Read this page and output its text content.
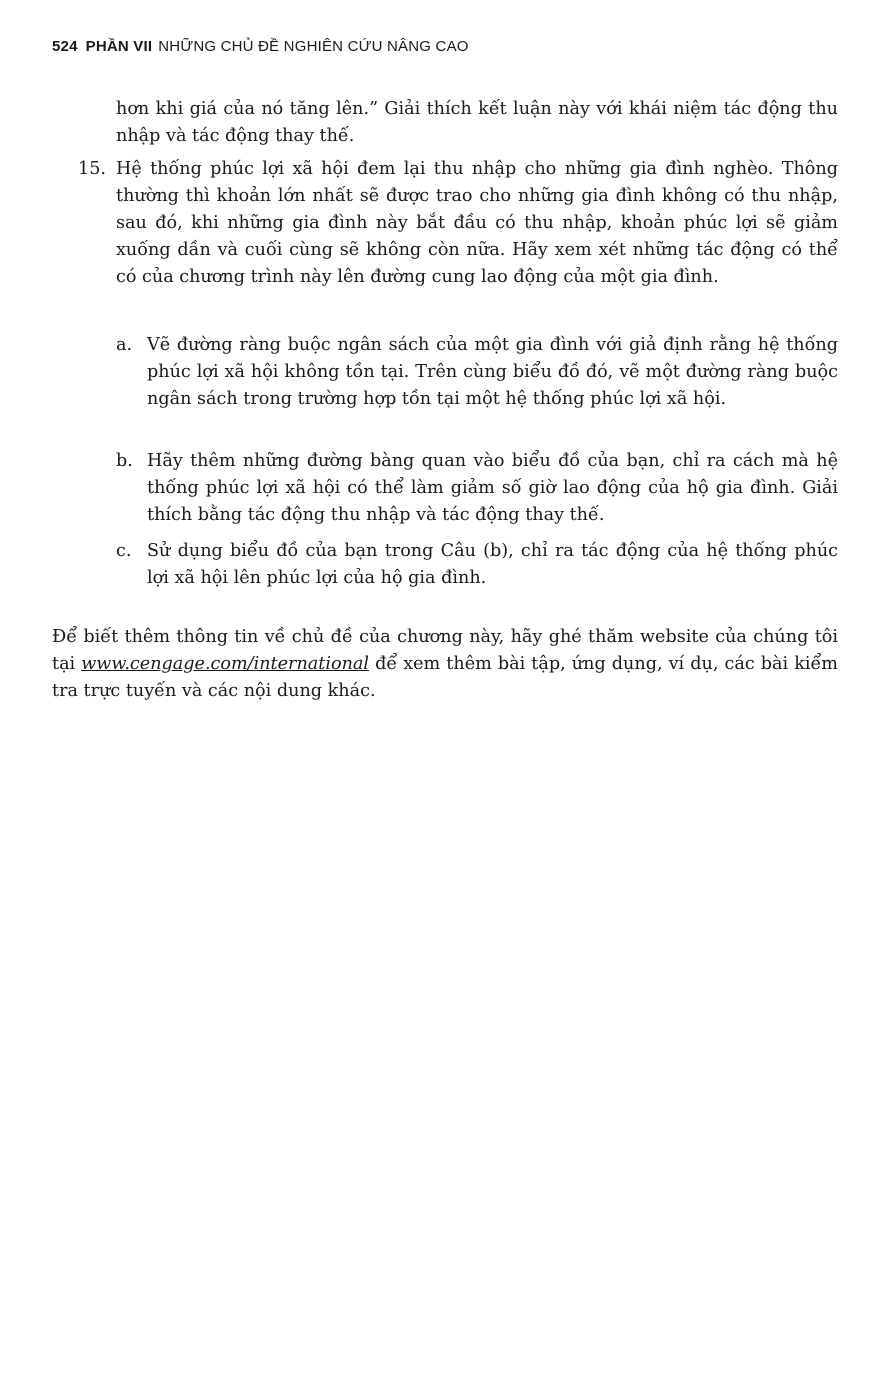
524 PHẦN VII NHỮNG CHỦ ĐỀ NGHIÊN CỨU NÂNG CAO
hơn khi giá của nó tăng lên.” Giải thích kết luận này với khái niệm tác động thu nhập và tác động thay thế.
15. Hệ thống phúc lợi xã hội đem lại thu nhập cho những gia đình nghèo. Thông thường thì khoản lớn nhất sẽ được trao cho những gia đình không có thu nhập, sau đó, khi những gia đình này bắt đầu có thu nhập, khoản phúc lợi sẽ giảm xuống dần và cuối cùng sẽ không còn nữa. Hãy xem xét những tác động có thể có của chương trình này lên đường cung lao động của một gia đình.
a. Vẽ đường ràng buộc ngân sách của một gia đình với giả định rằng hệ thống phúc lợi xã hội không tồn tại. Trên cùng biểu đồ đó, vẽ một đường ràng buộc ngân sách trong trường hợp tồn tại một hệ thống phúc lợi xã hội.
b. Hãy thêm những đường bàng quan vào biểu đồ của bạn, chỉ ra cách mà hệ thống phúc lợi xã hội có thể làm giảm số giờ lao động của hộ gia đình. Giải thích bằng tác động thu nhập và tác động thay thế.
c. Sử dụng biểu đồ của bạn trong Câu (b), chỉ ra tác động của hệ thống phúc lợi xã hội lên phúc lợi của hộ gia đình.
Để biết thêm thông tin về chủ đề của chương này, hãy ghé thăm website của chúng tôi tại www.cengage.com/international để xem thêm bài tập, ứng dụng, ví dụ, các bài kiểm tra trực tuyến và các nội dung khác.
